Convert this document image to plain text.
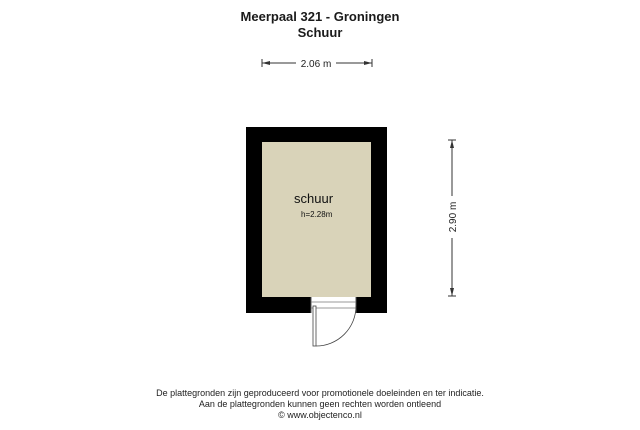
Meerpaal 321 - Groningen
Schuur
2.06 m
2.90 m
schuur
h=2.28m
De plattegronden zijn geproduceerd voor promotionele doeleinden en ter indicatie.
Aan de plattegronden kunnen geen rechten worden ontleend
© www.objectenco.nl
